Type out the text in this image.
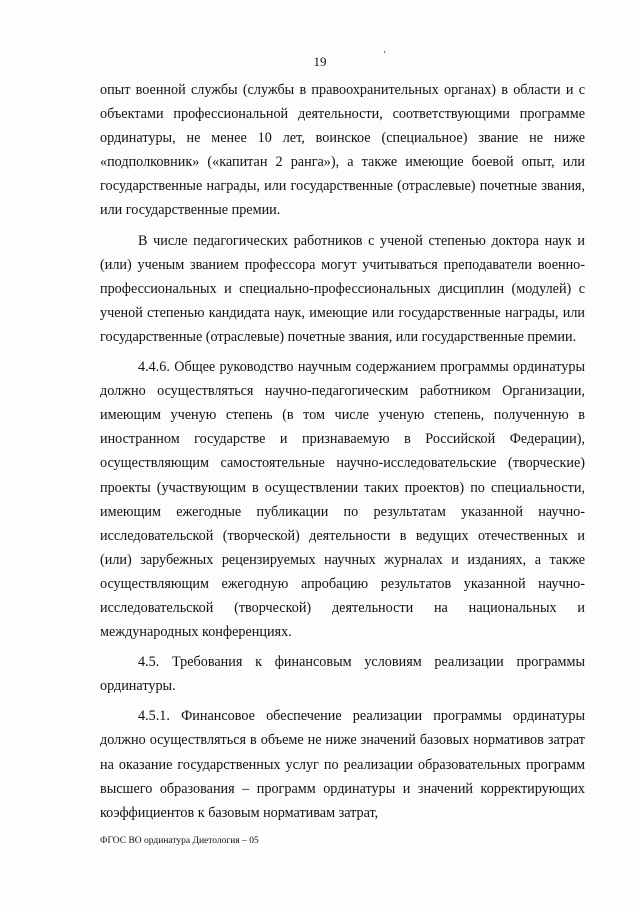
19	ʼ

опыт военной службы (службы в правоохранительных органах) в области и с объектами профессиональной деятельности, соответствующими программе ординатуры, не менее 10 лет, воинское (специальное) звание не ниже «подполковник» («капитан 2 ранга»), а также имеющие боевой опыт, или государственные награды, или государственные (отраслевые) почетные звания, или государственные премии.

В числе педагогических работников с ученой степенью доктора наук и (или) ученым званием профессора могут учитываться преподаватели военно-профессиональных и специально-профессиональных дисциплин (модулей) с ученой степенью кандидата наук, имеющие или государственные награды, или государственные (отраслевые) почетные звания, или государственные премии.

4.4.6. Общее руководство научным содержанием программы ординатуры должно осуществляться научно-педагогическим работником Организации, имеющим ученую степень (в том числе ученую степень, полученную в иностранном государстве и признаваемую в Российской Федерации), осуществляющим самостоятельные научно-исследовательские (творческие) проекты (участвующим в осуществлении таких проектов) по специальности, имеющим ежегодные публикации по результатам указанной научно-исследовательской (творческой) деятельности в ведущих отечественных и (или) зарубежных рецензируемых научных журналах и изданиях, а также осуществляющим ежегодную апробацию результатов указанной научно-исследовательской (творческой) деятельности на национальных и международных конференциях.

4.5. Требования к финансовым условиям реализации программы ординатуры.

4.5.1. Финансовое обеспечение реализации программы ординатуры должно осуществляться в объеме не ниже значений базовых нормативов затрат на оказание государственных услуг по реализации образовательных программ высшего образования – программ ординатуры и значений корректирующих коэффициентов к базовым нормативам затрат,

ФГОС ВО ординатура Диетология – 05
